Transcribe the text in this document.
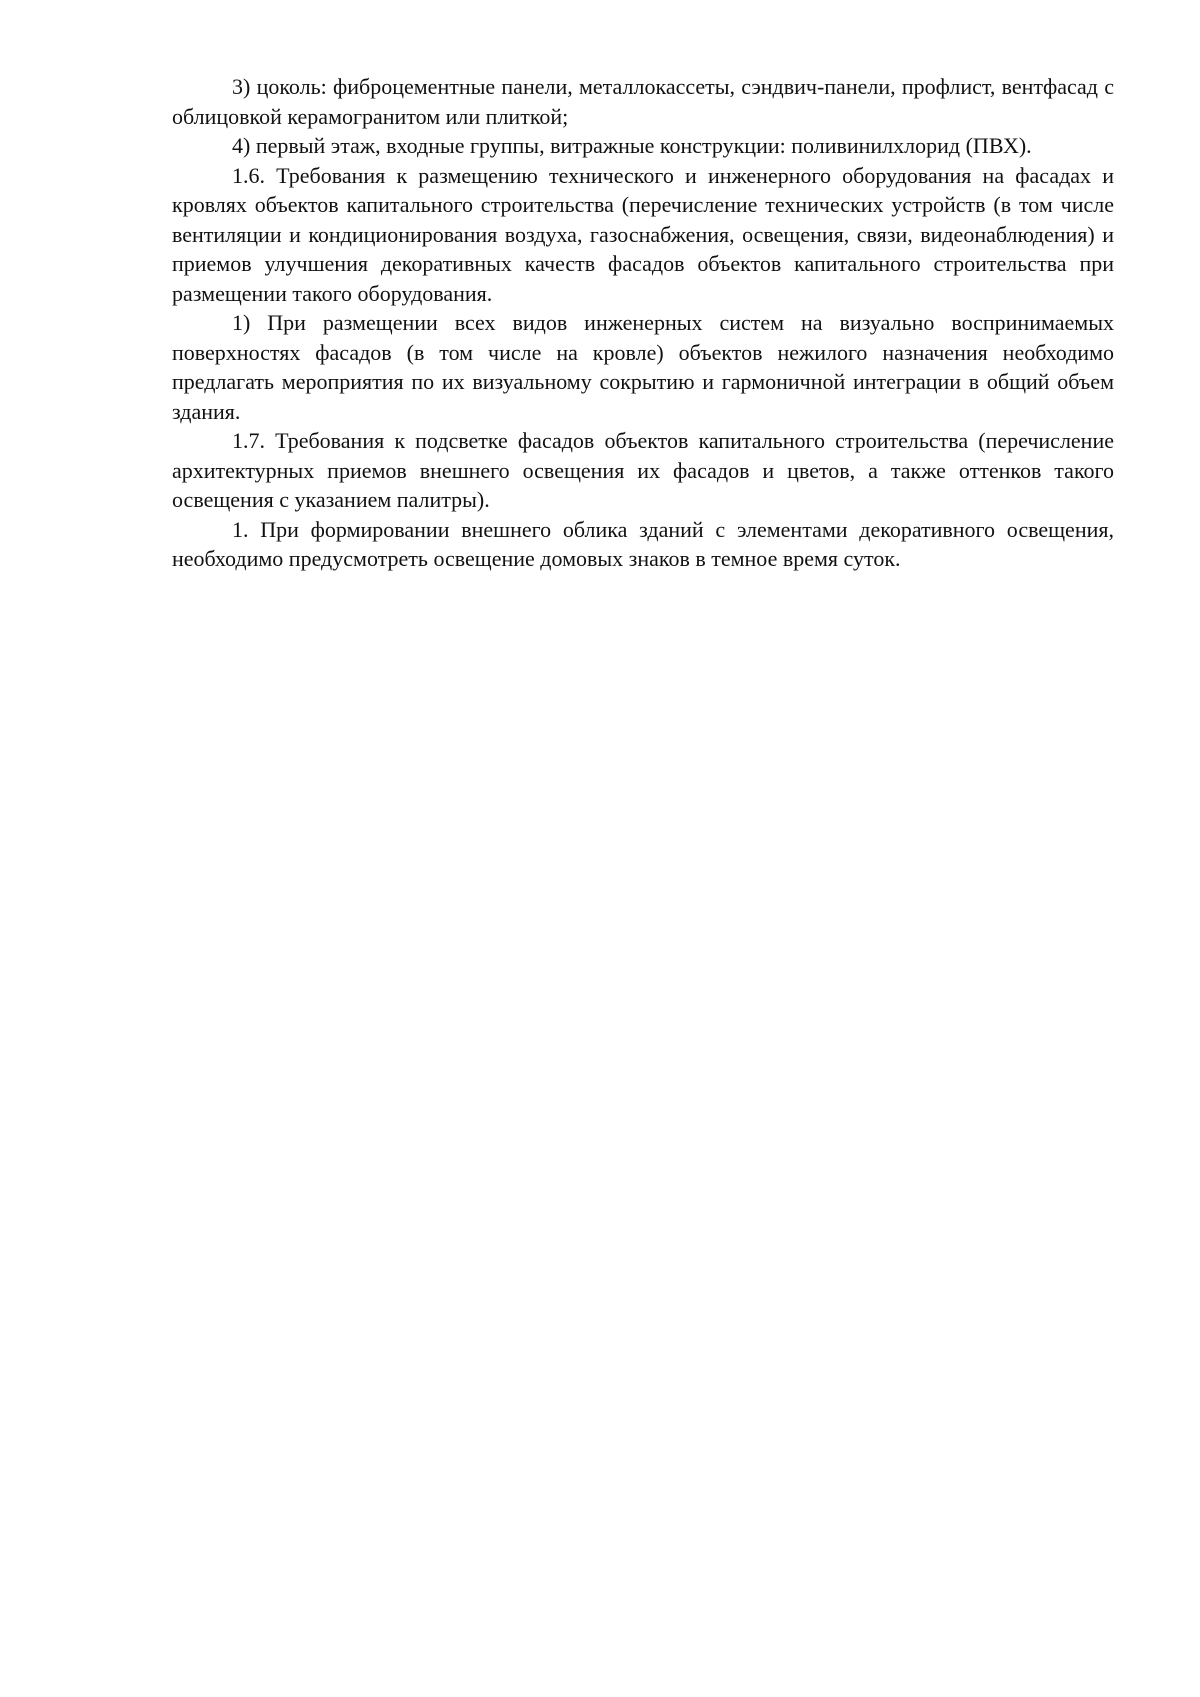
3) цоколь: фиброцементные панели, металлокассеты, сэндвич-панели, профлист, вентфасад с облицовкой керамогранитом или плиткой;

4) первый этаж, входные группы, витражные конструкции: поливинилхлорид (ПВХ).

1.6. Требования к размещению технического и инженерного оборудования на фасадах и кровлях объектов капитального строительства (перечисление технических устройств (в том числе вентиляции и кондиционирования воздуха, газоснабжения, освещения, связи, видеонаблюдения) и приемов улучшения декоративных качеств фасадов объектов капитального строительства при размещении такого оборудования.

1) При размещении всех видов инженерных систем на визуально воспринимаемых поверхностях фасадов (в том числе на кровле) объектов нежилого назначения необходимо предлагать мероприятия по их визуальному сокрытию и гармоничной интеграции в общий объем здания.

1.7. Требования к подсветке фасадов объектов капитального строительства (перечисление архитектурных приемов внешнего освещения их фасадов и цветов, а также оттенков такого освещения с указанием палитры).

1. При формировании внешнего облика зданий с элементами декоративного освещения, необходимо предусмотреть освещение домовых знаков в темное время суток.
